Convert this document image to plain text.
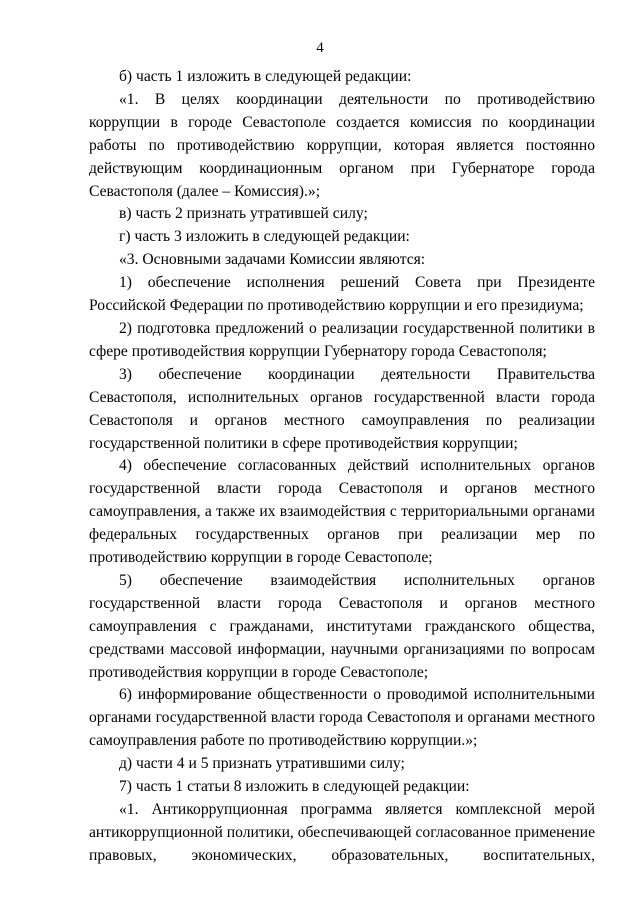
4

б) часть 1 изложить в следующей редакции:

«1. В целях координации деятельности по противодействию коррупции в городе Севастополе создается комиссия по координации работы по противодействию коррупции, которая является постоянно действующим координационным органом при Губернаторе города Севастополя (далее – Комиссия).»;

в) часть 2 признать утратившей силу;

г) часть 3 изложить в следующей редакции:

«3. Основными задачами Комиссии являются:

1) обеспечение исполнения решений Совета при Президенте Российской Федерации по противодействию коррупции и его президиума;

2) подготовка предложений о реализации государственной политики в сфере противодействия коррупции Губернатору города Севастополя;

3) обеспечение координации деятельности Правительства Севастополя, исполнительных органов государственной власти города Севастополя и органов местного самоуправления по реализации государственной политики в сфере противодействия коррупции;

4) обеспечение согласованных действий исполнительных органов государственной власти города Севастополя и органов местного самоуправления, а также их взаимодействия с территориальными органами федеральных государственных органов при реализации мер по противодействию коррупции в городе Севастополе;

5) обеспечение взаимодействия исполнительных органов государственной власти города Севастополя и органов местного самоуправления с гражданами, институтами гражданского общества, средствами массовой информации, научными организациями по вопросам противодействия коррупции в городе Севастополе;

6) информирование общественности о проводимой исполнительными органами государственной власти города Севастополя и органами местного самоуправления работе по противодействию коррупции.»;

д) части 4 и 5 признать утратившими силу;

7) часть 1 статьи 8 изложить в следующей редакции:

«1. Антикоррупционная программа является комплексной мерой антикоррупционной политики, обеспечивающей согласованное применение правовых, экономических, образовательных, воспитательных,
